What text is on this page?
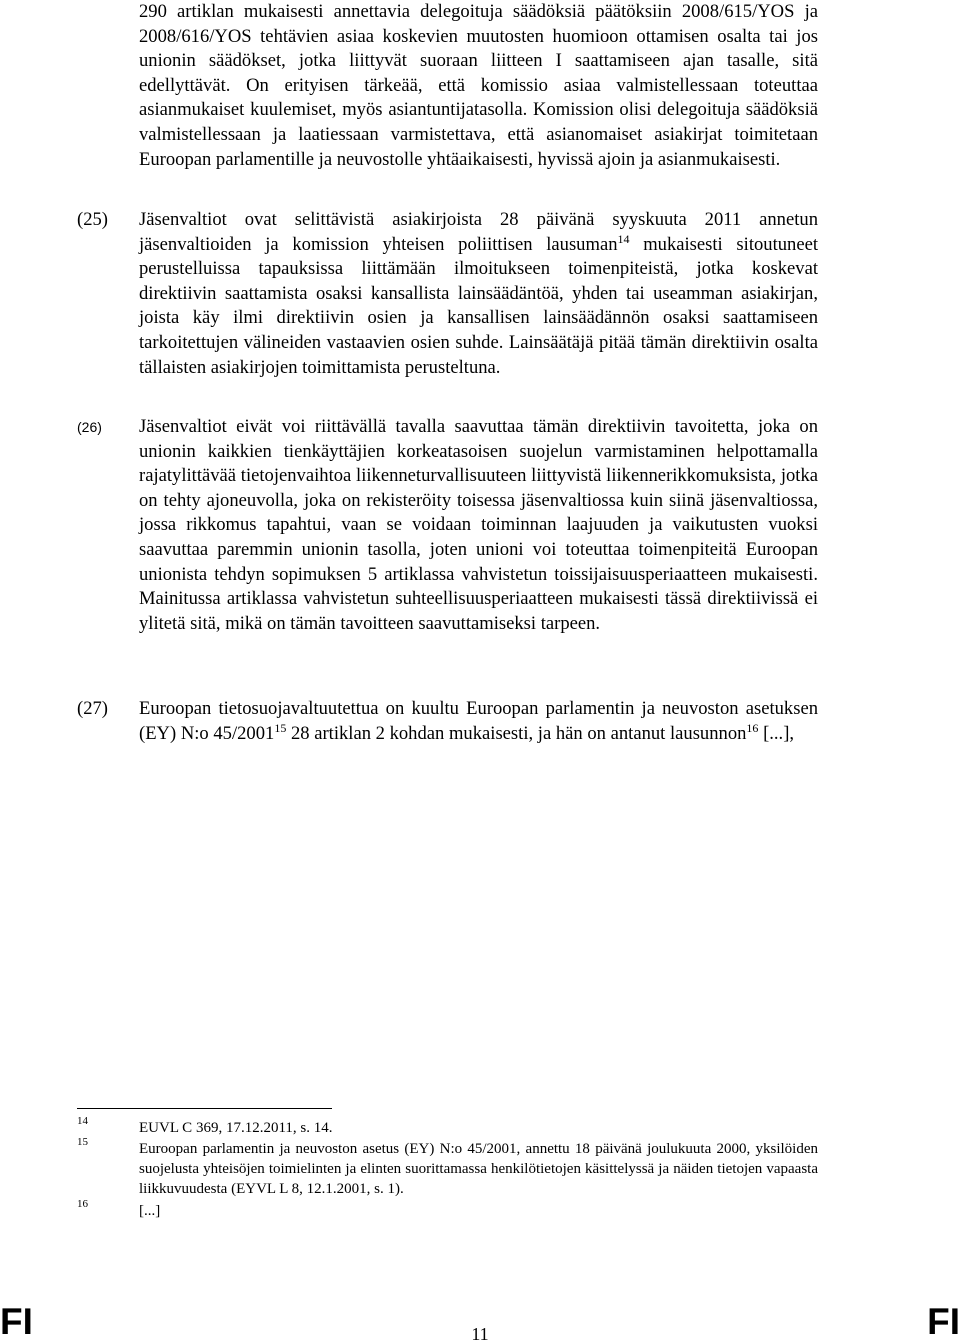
290 artiklan mukaisesti annettavia delegoituja säädöksiä päätöksiin 2008/615/YOS ja 2008/616/YOS tehtävien asiaa koskevien muutosten huomioon ottamisen osalta tai jos unionin säädökset, jotka liittyvät suoraan liitteen I saattamiseen ajan tasalle, sitä edellyttävät. On erityisen tärkeää, että komissio asiaa valmistellessaan toteuttaa asianmukaiset kuulemiset, myös asiantuntijatasolla. Komission olisi delegoituja säädöksiä valmistellessaan ja laatiessaan varmistettava, että asianomaiset asiakirjat toimitetaan Euroopan parlamentille ja neuvostolle yhtäaikaisesti, hyvissä ajoin ja asianmukaisesti.

(25) Jäsenvaltiot ovat selittävistä asiakirjoista 28 päivänä syyskuuta 2011 annetun jäsenvaltioiden ja komission yhteisen poliittisen lausuman$^{14}$ mukaisesti sitoutuneet perustelluissa tapauksissa liittämään ilmoitukseen toimenpiteistä, jotka koskevat direktiivin saattamista osaksi kansallista lainsäädäntöä, yhden tai useamman asiakirjan, joista käy ilmi direktiivin osien ja kansallisen lainsäädännön osaksi saattamiseen tarkoitettujen välineiden vastaavien osien suhde. Lainsäätäjä pitää tämän direktiivin osalta tällaisten asiakirjojen toimittamista perusteltuna.

(26) Jäsenvaltiot eivät voi riittävällä tavalla saavuttaa tämän direktiivin tavoitetta, joka on unionin kaikkien tienkäyttäjien korkeatasoisen suojelun varmistaminen helpottamalla rajatylittävää tietojenvaihtoa liikenneturvallisuuteen liittyvistä liikennerikkomuksista, jotka on tehty ajoneuvolla, joka on rekisteröity toisessa jäsenvaltiossa kuin siinä jäsenvaltiossa, jossa rikkomus tapahtui, vaan se voidaan toiminnan laajuuden ja vaikutusten vuoksi saavuttaa paremmin unionin tasolla, joten unioni voi toteuttaa toimenpiteitä Euroopan unionista tehdyn sopimuksen 5 artiklassa vahvistetun toissijaisuusperiaatteen mukaisesti. Mainitussa artiklassa vahvistetun suhteellisuusperiaatteen mukaisesti tässä direktiivissä ei ylitetä sitä, mikä on tämän tavoitteen saavuttamiseksi tarpeen.

(27) Euroopan tietosuojavaltuutettua on kuultu Euroopan parlamentin ja neuvoston asetuksen (EY) N:o 45/2001$^{15}$ 28 artiklan 2 kohdan mukaisesti, ja hän on antanut lausunnon$^{16}$ [...],

14	EUVL C 369, 17.12.2011, s. 14.
15	Euroopan parlamentin ja neuvoston asetus (EY) N:o 45/2001, annettu 18 päivänä joulukuuta 2000, yksilöiden suojelusta yhteisöjen toimielinten ja elinten suorittamassa henkilötietojen käsittelyssä ja näiden tietojen vapaasta liikkuvuudesta (EYVL L 8, 12.1.2001, s. 1).
16	[...]
FI	11	FI
